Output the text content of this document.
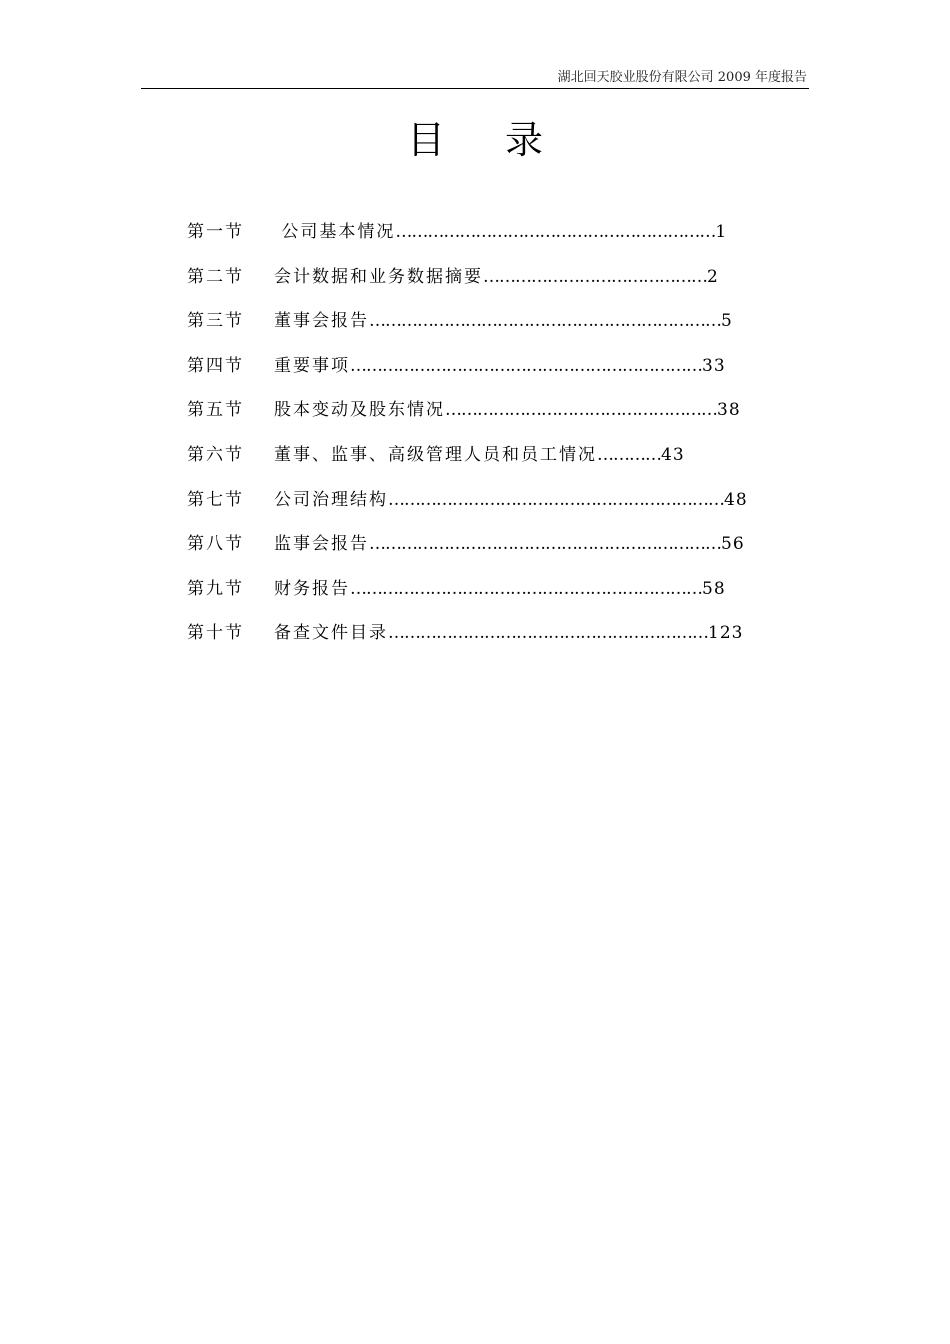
湖北回天胶业股份有限公司 2009 年度报告
目录
第一节 公司基本情况……………………………………………………1
第二节 会计数据和业务数据摘要……………………………………2
第三节 董事会报告…………………………………………………………5
第四节 重要事项…………………………………………………………33
第五节 股本变动及股东情况……………………………………………38
第六节 董事、监事、高级管理人员和员工情况…………43
第七节 公司治理结构………………………………………………………48
第八节 监事会报告…………………………………………………………56
第九节 财务报告…………………………………………………………58
第十节 备查文件目录……………………………………………………123
